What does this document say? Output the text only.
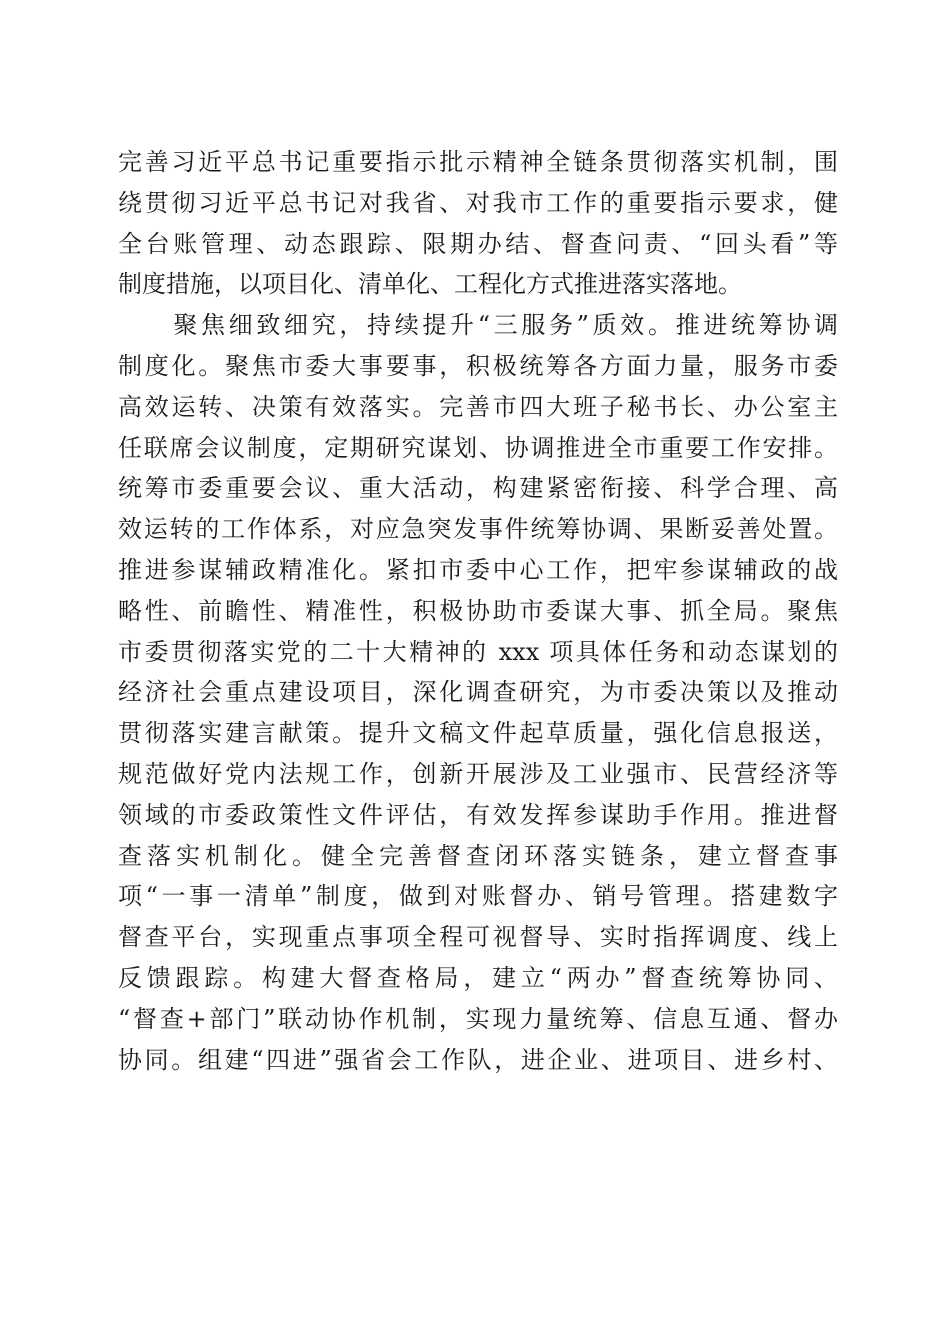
完善习近平总书记重要指示批示精神全链条贯彻落实机制，围
绕贯彻习近平总书记对我省、对我市工作的重要指示要求，健
全台账管理、动态跟踪、限期办结、督查问责、“回头看”等
制度措施，以项目化、清单化、工程化方式推进落实落地。
　　聚焦细致细究，持续提升“三服务”质效。推进统筹协调
制度化。聚焦市委大事要事，积极统筹各方面力量，服务市委
高效运转、决策有效落实。完善市四大班子秘书长、办公室主
任联席会议制度，定期研究谋划、协调推进全市重要工作安排。
统筹市委重要会议、重大活动，构建紧密衔接、科学合理、高
效运转的工作体系，对应急突发事件统筹协调、果断妥善处置。
推进参谋辅政精准化。紧扣市委中心工作，把牢参谋辅政的战
略性、前瞻性、精准性，积极协助市委谋大事、抓全局。聚焦
市委贯彻落实党的二十大精神的 xxx 项具体任务和动态谋划的
经济社会重点建设项目，深化调查研究，为市委决策以及推动
贯彻落实建言献策。提升文稿文件起草质量，强化信息报送，
规范做好党内法规工作，创新开展涉及工业强市、民营经济等
领域的市委政策性文件评估，有效发挥参谋助手作用。推进督
查落实机制化。健全完善督查闭环落实链条，建立督查事
项“一事一清单”制度，做到对账督办、销号管理。搭建数字
督查平台，实现重点事项全程可视督导、实时指挥调度、线上
反馈跟踪。构建大督查格局，建立“两办”督查统筹协同、
“督查+部门”联动协作机制，实现力量统筹、信息互通、督办
协同。组建“四进”强省会工作队，进企业、进项目、进乡村、
